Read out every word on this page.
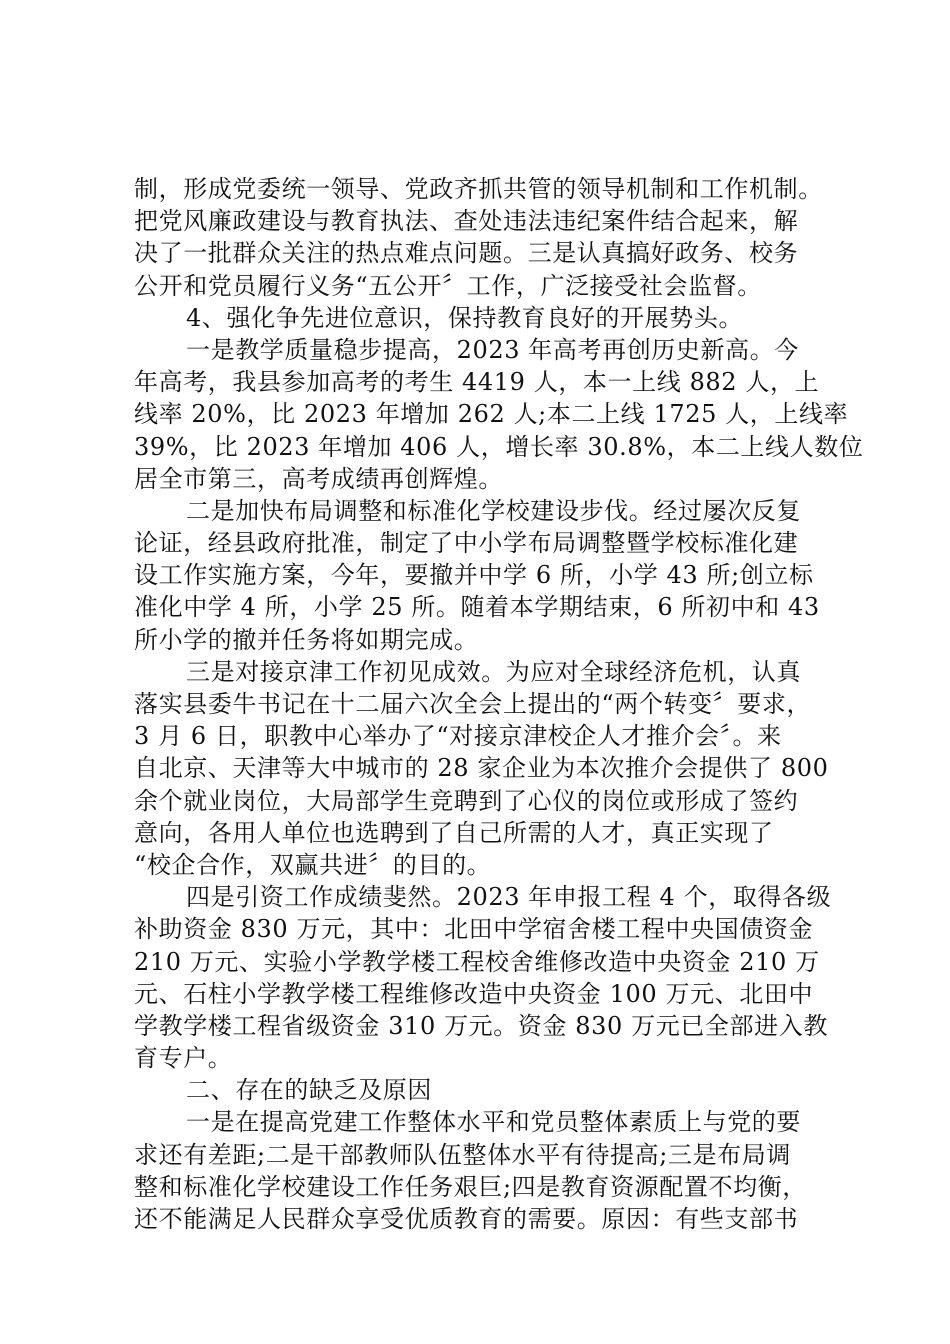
制，形成党委统一领导、党政齐抓共管的领导机制和工作机制。
把党风廉政建设与教育执法、查处违法违纪案件结合起来，解
决了一批群众关注的热点难点问题。三是认真搞好政务、校务
公开和党员履行义务“五公开〞工作，广泛接受社会监督。
4、强化争先进位意识，保持教育良好的开展势头。
一是教学质量稳步提高，2023 年高考再创历史新高。今
年高考，我县参加高考的考生 4419 人，本一上线 882 人，上
线率 20%，比 2023 年增加 262 人;本二上线 1725 人，上线率
39%，比 2023 年增加 406 人，增长率 30.8%，本二上线人数位
居全市第三，高考成绩再创辉煌。
二是加快布局调整和标准化学校建设步伐。经过屡次反复
论证，经县政府批准，制定了中小学布局调整暨学校标准化建
设工作实施方案，今年，要撤并中学 6 所，小学 43 所;创立标
准化中学 4 所，小学 25 所。随着本学期结束，6 所初中和 43
所小学的撤并任务将如期完成。
三是对接京津工作初见成效。为应对全球经济危机，认真
落实县委牛书记在十二届六次全会上提出的“两个转变〞要求，
3 月 6 日，职教中心举办了“对接京津校企人才推介会〞。来
自北京、天津等大中城市的 28 家企业为本次推介会提供了 800
余个就业岗位，大局部学生竞聘到了心仪的岗位或形成了签约
意向，各用人单位也选聘到了自己所需的人才，真正实现了
“校企合作，双赢共进〞的目的。
四是引资工作成绩斐然。2023 年申报工程 4 个，取得各级
补助资金 830 万元，其中：北田中学宿舍楼工程中央国债资金
210 万元、实验小学教学楼工程校舍维修改造中央资金 210 万
元、石柱小学教学楼工程维修改造中央资金 100 万元、北田中
学教学楼工程省级资金 310 万元。资金 830 万元已全部进入教
育专户。
二、存在的缺乏及原因
一是在提高党建工作整体水平和党员整体素质上与党的要
求还有差距;二是干部教师队伍整体水平有待提高;三是布局调
整和标准化学校建设工作任务艰巨;四是教育资源配置不均衡，
还不能满足人民群众享受优质教育的需要。原因：有些支部书
